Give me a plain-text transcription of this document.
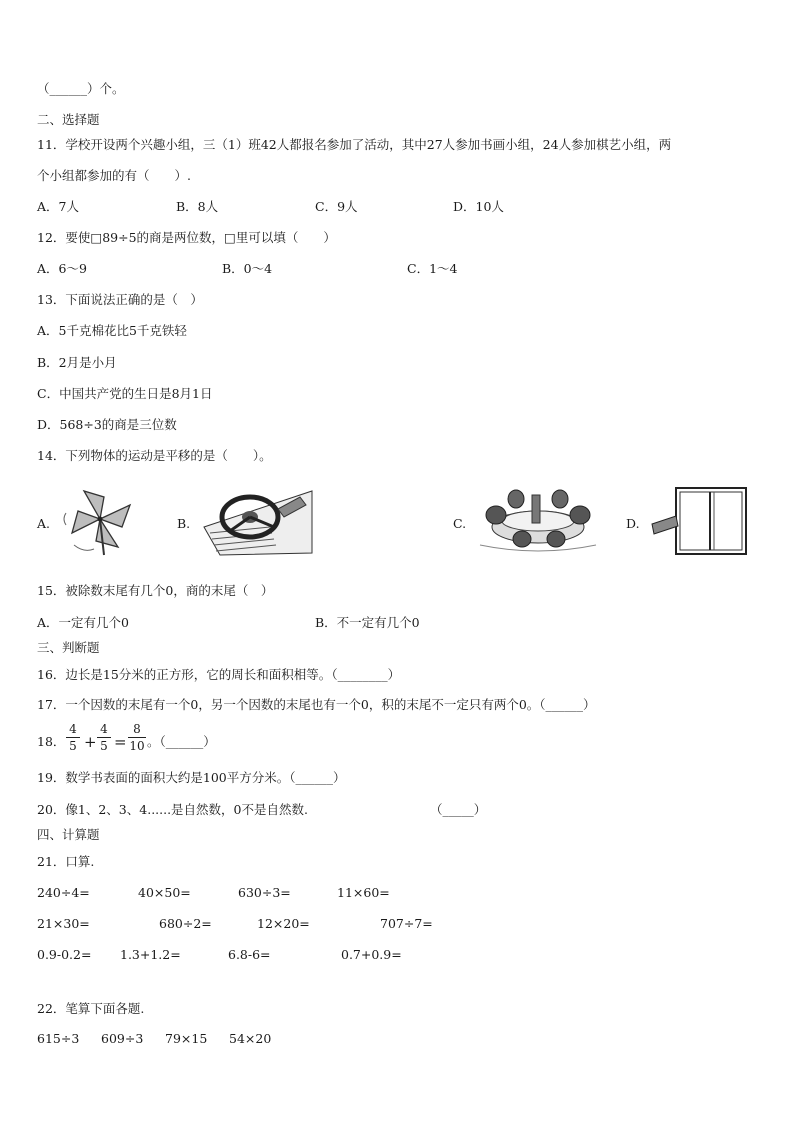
（______）个。
二、选择题
11．学校开设两个兴趣小组，三（1）班42人都报名参加了活动，其中27人参加书画小组，24人参加棋艺小组，两
个小组都参加的有（　　）.
A．7人	B．8人	C．9人	D．10人
12．要使□89÷5的商是两位数，□里可以填（　　）
A．6～9	B．0～4	C．1～4
13．下面说法正确的是（　）
A．5千克棉花比5千克铁轻
B．2月是小月
C．中国共产党的生日是8月1日
D．568÷3的商是三位数
14．下列物体的运动是平移的是（　　）。
A.	B.	C.	D.
15．被除数末尾有几个0，商的末尾（　）
A．一定有几个0	B．不一定有几个0
三、判断题
16．边长是15分米的正方形，它的周长和面积相等。（________）
17．一个因数的末尾有一个0，另一个因数的末尾也有一个0，积的末尾不一定只有两个0。（______）
18．
4
5 +
4
5 =
8
10 。（______）
19．数学书表面的面积大约是100平方分米。（______）
20．像1、2、3、4......是自然数，0不是自然数.	（_____）
四、计算题
21．口算.
240÷4=	40×50=	630÷3=	11×60=
21×30=	680÷2=	12×20=	707÷7=
0.9-0.2= 1.3+1.2=	6.8-6=	0.7+0.9=
22．笔算下面各题.
615÷3 609÷3 79×15 54×20
